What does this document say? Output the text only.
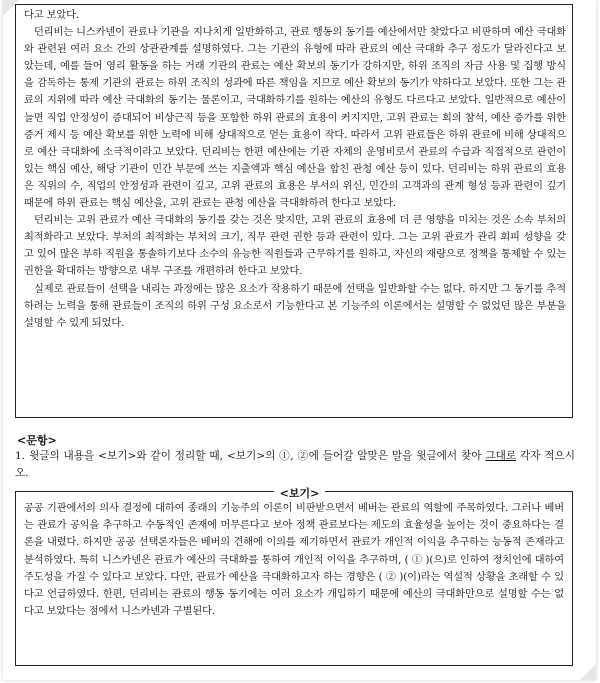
다고 보았다.

던리비는 니스카넨이 관료나 기관을 지나치게 일반화하고, 관료 행동의 동기를 예산에서만 찾았다고 비판하며 예산 극대화와 관련된 여러 요소 간의 상관관계를 설명하였다. 그는 기관의 유형에 따라 관료의 예산 극대화 추구 정도가 달라진다고 보았는데, 예를 들어 영리 활동을 하는 거래 기관의 관료는 예산 확보의 동기가 강하지만, 하위 조직의 자금 사용 및 집행 방식을 감독하는 통제 기관의 관료는 하위 조직의 성과에 따른 책임을 지므로 예산 확보의 동기가 약하다고 보았다. 또한 그는 관료의 지위에 따라 예산 극대화의 동기는 물론이고, 극대화하기를 원하는 예산의 유형도 다르다고 보았다. 일반적으로 예산이 늘면 직업 안정성이 증대되어 비상근직 등을 포함한 하위 관료의 효용이 커지지만, 고위 관료는 회의 참석, 예산 증가를 위한 증거 제시 등 예산 확보를 위한 노력에 비해 상대적으로 얻는 효용이 작다. 따라서 고위 관료들은 하위 관료에 비해 상대적으로 예산 극대화에 소극적이라고 보았다. 던리비는 한편 예산에는 기관 자체의 운영비로서 관료의 수급과 직접적으로 관련이 있는 핵심 예산, 해당 기관이 민간 부문에 쓰는 지출액과 핵심 예산을 합친 관청 예산 등이 있다. 던리비는 하위 관료의 효용은 직위의 수, 직업의 안정성과 관련이 깊고, 고위 관료의 효용은 부서의 위신, 민간의 고객과의 관계 형성 등과 관련이 깊기 때문에 하위 관료는 핵심 예산을, 고위 관료는 관청 예산을 극대화하려 한다고 보았다.

던리비는 고위 관료가 예산 극대화의 동기를 갖는 것은 맞지만, 고위 관료의 효용에 더 큰 영향을 미치는 것은 소속 부처의 최적화라고 보았다. 부처의 최적화는 부처의 크기, 직무 관련 권한 등과 관련이 있다. 그는 고위 관료가 관리 회피 성향을 갖고 있어 많은 부하 직원을 통솔하기보다 소수의 유능한 직원들과 근무하기를 원하고, 자신의 재량으로 정책을 통제할 수 있는 권한을 확대하는 방향으로 내부 구조를 개편하려 한다고 보았다.

실제로 관료들이 선택을 내리는 과정에는 많은 요소가 작용하기 때문에 선택을 일반화할 수는 없다. 하지만 그 동기를 추적하려는 노력을 통해 관료들이 조직의 하위 구성 요소로서 기능한다고 본 기능주의 이론에서는 설명할 수 없었던 많은 부분을 설명할 수 있게 되었다.

<문항>
1. 윗글의 내용을 <보기>와 같이 정리할 때, <보기>의 ①, ②에 들어갈 알맞은 말을 윗글에서 찾아 그대로 각자 적으시오.
<보기>
공공 기관에서의 의사 결정에 대하여 종래의 기능주의 이론이 비판받으면서 베버는 관료의 역할에 주목하였다. 그러나 베버는 관료가 공익을 추구하고 수동적인 존재에 머무른다고 보아 정책 관료보다는 제도의 효율성을 높이는 것이 중요하다는 결론을 내렸다. 하지만 공공 선택론자들은 베버의 견해에 이의를 제기하면서 관료가 개인적 이익을 추구하는 능동적 존재라고 분석하였다. 특히 니스카넨은 관료가 예산의 극대화를 통하여 개인적 이익을 추구하며, ( ① )(으)로 인하여 정치인에 대하여 주도성을 가질 수 있다고 보았다. 다만, 관료가 예산을 극대화하고자 하는 경향은 ( ② )(이)라는 역설적 상황을 초래할 수 있다고 언급하였다. 한편, 던리비는 관료의 행동 동기에는 여러 요소가 개입하기 때문에 예산의 극대화만으로 설명할 수는 없다고 보았다는 점에서 니스카넨과 구별된다.
